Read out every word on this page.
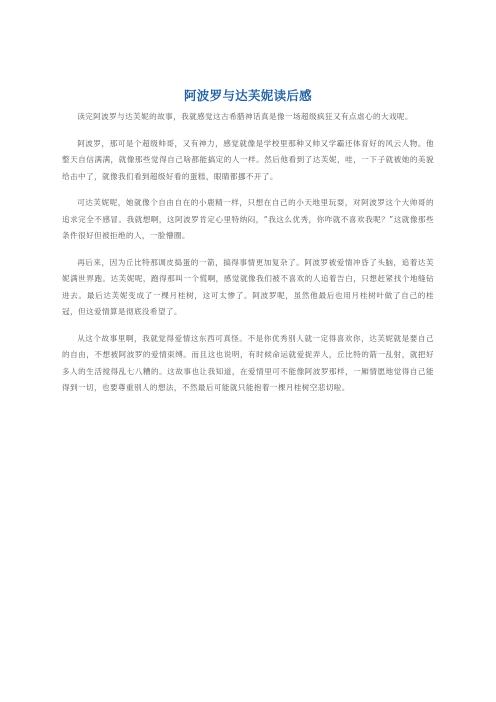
阿波罗与达芙妮读后感

读完阿波罗与达芙妮的故事，我就感觉这古希腊神话真是像一场超级疯狂又有点虐心的大戏呢。

阿波罗，那可是个超级帅哥，又有神力，感觉就像是学校里那种又帅又学霸还体育好的风云人物。他整天自信满满，就像那些觉得自己啥都能搞定的人一样。然后他看到了达芙妮，哇，一下子就被她的美貌给击中了，就像我们看到超级好看的蛋糕，眼睛都挪不开了。

可达芙妮呢，她就像个自由自在的小鹿精一样，只想在自己的小天地里玩耍，对阿波罗这个大帅哥的追求完全不感冒。我就想啊，这阿波罗肯定心里特纳闷，“我这么优秀，你咋就不喜欢我呢？”这就像那些条件很好但被拒绝的人，一脸懵圈。

再后来，因为丘比特那调皮捣蛋的一箭，搞得事情更加复杂了。阿波罗被爱情冲昏了头脑，追着达芙妮满世界跑。达芙妮呢，跑得那叫一个慌啊，感觉就像我们被不喜欢的人追着告白，只想赶紧找个地缝钻进去。最后达芙妮变成了一棵月桂树，这可太惨了。阿波罗呢，虽然他最后也用月桂树叶做了自己的桂冠，但这爱情算是彻底没希望了。

从这个故事里啊，我就觉得爱情这东西可真怪。不是你优秀别人就一定得喜欢你，达芙妮就是要自己的自由，不想被阿波罗的爱情束缚。而且这也说明，有时候命运就爱捉弄人，丘比特的箭一乱射，就把好多人的生活搅得乱七八糟的。这故事也让我知道，在爱情里可不能像阿波罗那样，一厢情愿地觉得自己能得到一切，也要尊重别人的想法，不然最后可能就只能抱着一棵月桂树空悲切啦。
